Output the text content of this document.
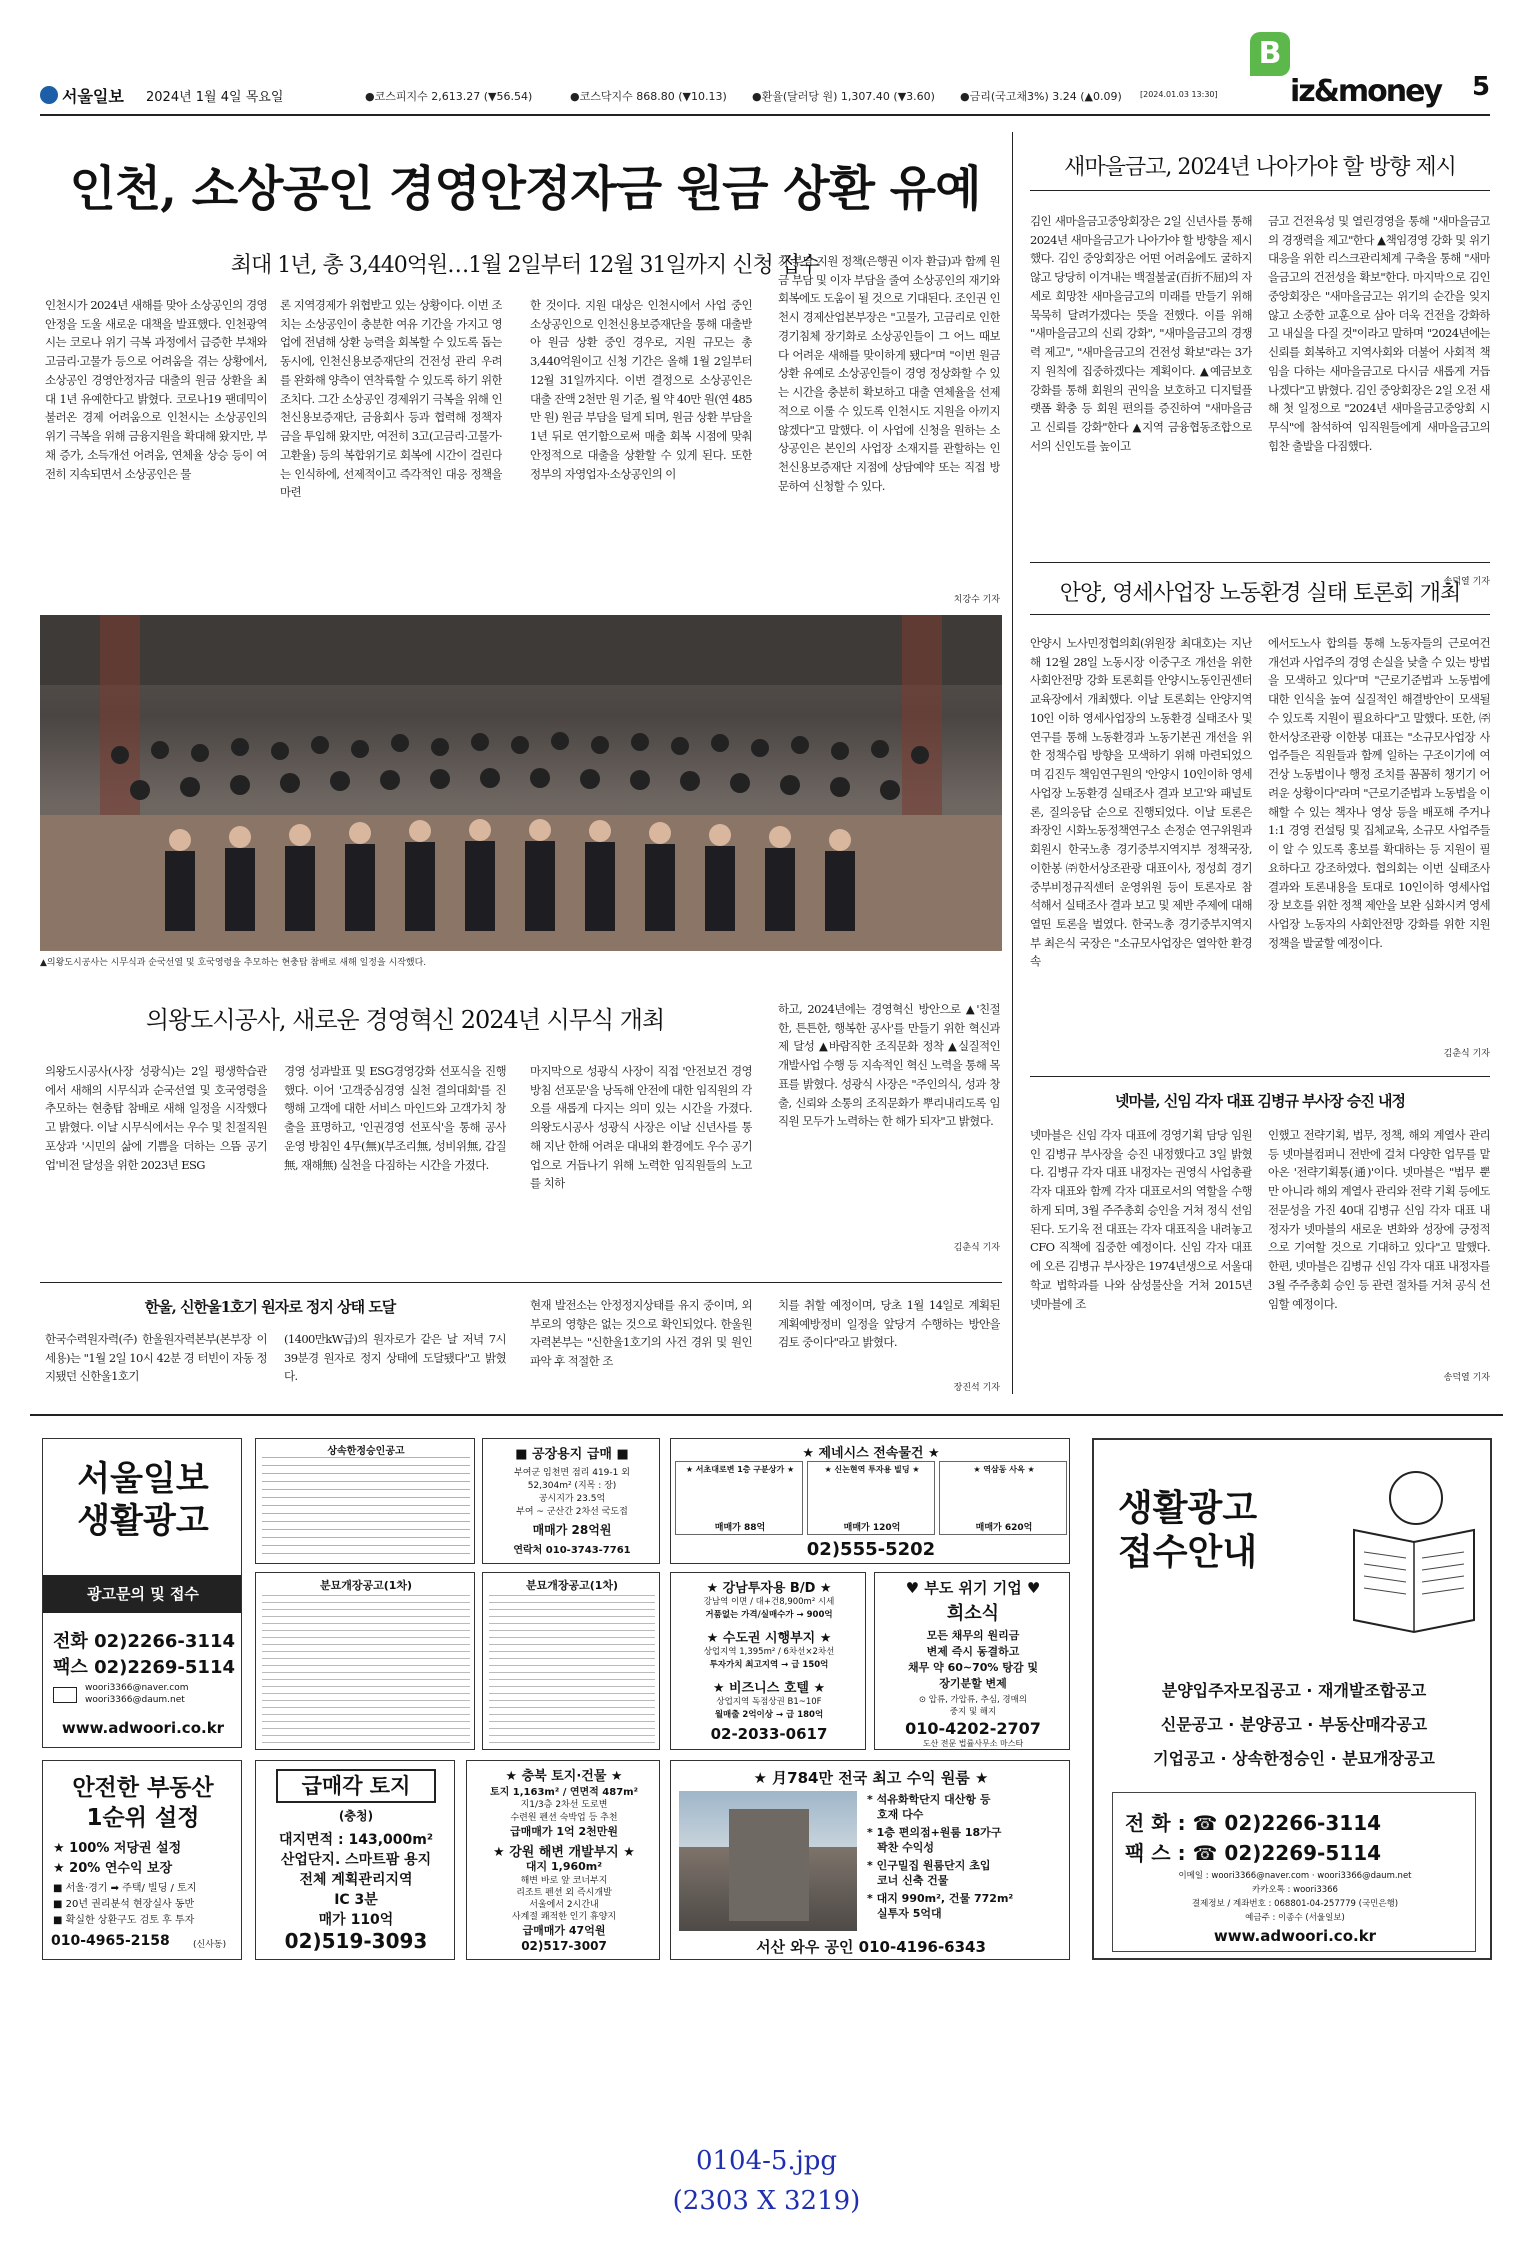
서울일보 2024년 1월 4일 목요일	●코스피지수 2,613.27 (▼56.54)	●코스닥지수 868.80 (▼10.13) ●환율(달러당 원) 1,307.40 (▼3.60) ●금리(국고채3%) 3.24 (▲0.09) [2024.01.03 13:30]
B
iz&money 5
인천, 소상공인 경영안정자금 원금 상환 유예
최대 1년, 총 3,440억원…1월 2일부터 12월 31일까지 신청 접수
인천시가 2024년 새해를 맞아 소상공인의 경영안정을 도울 새로운 대책을 발표했다. 인천광역시는 코로나 위기 극복 과정에서 급증한 부채와 고금리·고물가 등으로 어려움을 겪는 상황에서, 소상공인 경영안정자금 대출의 원금 상환을 최대 1년 유예한다고 밝혔다. 코로나19 팬데믹이 불러온 경제 어려움으로 인천시는 소상공인의 위기 극복을 위해 금융지원을 확대해 왔지만, 부채 증가, 소득개선 어려움, 연체율 상승 등이 여전히 지속되면서 소상공인은 물
론 지역경제가 위협받고 있는 상황이다. 이번 조치는 소상공인이 충분한 여유 기간을 가지고 영업에 전념해 상환 능력을 회복할 수 있도록 돕는 동시에, 인천신용보증재단의 건전성 관리 우려를 완화해 양측이 연착륙할 수 있도록 하기 위한 조치다. 그간 소상공인 경제위기 극복을 위해 인천신용보증재단, 금융회사 등과 협력해 정책자금을 투입해 왔지만, 여전히 3고(고금리·고물가·고환율) 등의 복합위기로 회복에 시간이 걸린다는 인식하에, 선제적이고 즉각적인 대응 정책을 마련
한 것이다. 지원 대상은 인천시에서 사업 중인 소상공인으로 인천신용보증재단을 통해 대출받아 원금 상환 중인 경우로, 지원 규모는 총 3,440억원이고 신청 기간은 올해 1월 2일부터 12월 31일까지다. 이번 결정으로 소상공인은 대출 잔액 2천만 원 기준, 월 약 40만 원(연 485만 원) 원금 부담을 덜게 되며, 원금 상환 부담을 1년 뒤로 연기함으로써 매출 회복 시점에 맞춰 안정적으로 대출을 상환할 수 있게 된다. 또한 정부의 자영업자·소상공인의 이
자 부담 지원 정책(은행권 이자 환급)과 함께 원금 부담 및 이자 부담을 줄여 소상공인의 재기와 회복에도 도움이 될 것으로 기대된다. 조인권 인천시 경제산업본부장은 "고물가, 고금리로 인한 경기침체 장기화로 소상공인들이 그 어느 때보다 어려운 새해를 맞이하게 됐다"며 "이번 원금 상환 유예로 소상공인들이 경영 정상화할 수 있는 시간을 충분히 확보하고 대출 연체율을 선제적으로 이룰 수 있도록 인천시도 지원을 아끼지 않겠다"고 말했다. 이 사업에 신청을 원하는 소상공인은 본인의 사업장 소재지를 관할하는 인천신용보증재단 지점에 상담예약 또는 직접 방문하여 신청할 수 있다.
치강수 기자
새마을금고, 2024년 나아가야 할 방향 제시
김인 새마을금고중앙회장은 2일 신년사를 통해 2024년 새마을금고가 나아가야 할 방향을 제시했다. 김인 중앙회장은 어떤 어려움에도 굴하지 않고 당당히 이겨내는 백절불굴(百折不屈)의 자세로 희망찬 새마을금고의 미래를 만들기 위해 묵묵히 달려가겠다는 뜻을 전했다. 이를 위해 "새마을금고의 신뢰 강화", "새마을금고의 경쟁력 제고", "새마을금고의 건전성 확보"라는 3가지 원칙에 집중하겠다는 계획이다. ▲예금보호 강화를 통해 회원의 권익을 보호하고 디지털플랫폼 확충 등 회원 편의를 증진하여 "새마을금고 신뢰를 강화"한다 ▲지역 금융협동조합으로서의 신인도를 높이고
금고 건전육성 및 열린경영을 통해 "새마을금고의 경쟁력을 제고"한다 ▲책임경영 강화 및 위기 대응을 위한 리스크관리체계 구축을 통해 "새마을금고의 건전성을 확보"한다. 마지막으로 김인 중앙회장은 "새마을금고는 위기의 순간을 잊지 않고 소중한 교훈으로 삼아 더욱 건전을 강화하고 내실을 다질 것"이라고 말하며 "2024년에는 신뢰를 회복하고 지역사회와 더불어 사회적 책임을 다하는 새마을금고로 다시금 새롭게 거듭나겠다"고 밝혔다. 김인 중앙회장은 2일 오전 새해 첫 일정으로 "2024년 새마을금고중앙회 시무식"에 참석하여 임직원들에게 새마을금고의 힘찬 출발을 다짐했다.
송덕열 기자
▲의왕도시공사는 시무식과 순국선열 및 호국영령을 추모하는 현충탑 참배로 새해 일정을 시작했다.
안양, 영세사업장 노동환경 실태 토론회 개최
안양시 노사민정협의회(위원장 최대호)는 지난해 12월 28일 노동시장 이중구조 개선을 위한 사회안전망 강화 토론회를 안양시노동인권센터 교육장에서 개최했다. 이날 토론회는 안양지역 10인 이하 영세사업장의 노동환경 실태조사 및 연구를 통해 노동환경과 노동기본권 개선을 위한 정책수립 방향을 모색하기 위해 마련되었으며 김진두 책임연구원의 '안양시 10인이하 영세사업장 노동환경 실태조사 결과 보고'와 패널토론, 질의응답 순으로 진행되었다. 이날 토론은 좌장인 시화노동정책연구소 손정순 연구위원과 회원시 한국노총 경기중부지역지부 정책국장, 이한봉 ㈜한서상조관광 대표이사, 정성희 경기중부비정규직센터 운영위원 등이 토론자로 참석해서 실태조사 결과 보고 및 제반 주제에 대해 열띤 토론을 벌였다. 한국노총 경기중부지역지부 최은식 국장은 "소규모사업장은 열악한 환경 속
에서도노사 합의를 통해 노동자들의 근로여건 개선과 사업주의 경영 손실을 낮출 수 있는 방법을 모색하고 있다"며 "근로기준법과 노동법에 대한 인식을 높여 실질적인 해결방안이 모색될 수 있도록 지원이 필요하다"고 말했다. 또한, ㈜한서상조관광 이한봉 대표는 "소규모사업장 사업주들은 직원들과 함께 일하는 구조이기에 여건상 노동법이나 행정 조치를 꼼꼼히 챙기기 어려운 상황이다"라며 "근로기준법과 노동법을 이해할 수 있는 책자나 영상 등을 배포해 주거나 1:1 경영 컨설팅 및 집체교육, 소규모 사업주들이 알 수 있도록 홍보를 확대하는 등 지원이 필요하다고 강조하였다. 협의회는 이번 실태조사 결과와 토론내용을 토대로 10인이하 영세사업장 보호를 위한 정책 제안을 보완 심화시켜 영세사업장 노동자의 사회안전망 강화를 위한 지원 정책을 발굴할 예정이다.
김춘식 기자
의왕도시공사, 새로운 경영혁신 2024년 시무식 개최
의왕도시공사(사장 성광식)는 2일 평생학습관에서 새해의 시무식과 순국선열 및 호국영령을 추모하는 현충탑 참배로 새해 일정을 시작했다고 밝혔다. 이날 시무식에서는 우수 및 친절직원 포상과 '시민의 삶에 기쁨을 더하는 으뜸 공기업'비전 달성을 위한 2023년 ESG
경영 성과발표 및 ESG경영강화 선포식을 진행했다. 이어 '고객중심경영 실천 결의대회'를 진행해 고객에 대한 서비스 마인드와 고객가치 창출을 표명하고, '인권경영 선포식'을 통해 공사 운영 방침인 4무(無)(부조리無, 성비위無, 갑질無, 재해無) 실천을 다짐하는 시간을 가졌다.
마지막으로 성광식 사장이 직접 '안전보건 경영방침 선포문'을 낭독해 안전에 대한 임직원의 각오를 새롭게 다지는 의미 있는 시간을 가졌다. 의왕도시공사 성광식 사장은 이날 신년사를 통해 지난 한해 어려운 대내외 환경에도 우수 공기업으로 거듭나기 위해 노력한 임직원들의 노고를 치하
하고, 2024년에는 경영혁신 방안으로 ▲'친절한, 튼튼한, 행복한 공사'를 만들기 위한 혁신과제 달성 ▲바람직한 조직문화 정착 ▲실질적인 개발사업 수행 등 지속적인 혁신 노력을 통해 목표를 밝혔다. 성광식 사장은 "주인의식, 성과 창출, 신뢰와 소통의 조직문화가 뿌리내리도록 임직원 모두가 노력하는 한 해가 되자"고 밝혔다.
김춘식 기자
넷마블, 신임 각자 대표 김병규 부사장 승진 내정
넷마블은 신임 각자 대표에 경영기획 담당 임원인 김병규 부사장을 승진 내정했다고 3일 밝혔다. 김병규 각자 대표 내정자는 권영식 사업총괄 각자 대표와 함께 각자 대표로서의 역할을 수행하게 되며, 3월 주주총회 승인을 거쳐 정식 선임된다. 도기욱 전 대표는 각자 대표직을 내려놓고 CFO 직책에 집중한 예정이다. 신임 각자 대표에 오른 김병규 부사장은 1974년생으로 서울대학교 법학과를 나와 삼성물산을 거쳐 2015년 넷마블에 조
인했고 전략기획, 법무, 정책, 해외 계열사 관리 등 넷마블컴퍼니 전반에 걸쳐 다양한 업무를 맡아온 '전략기획통(通)'이다. 넷마블은 "법무 뿐만 아니라 해외 계열사 관리와 전략 기획 등에도 전문성을 가진 40대 김병규 신임 각자 대표 내정자가 넷마블의 새로운 변화와 성장에 긍정적으로 기여할 것으로 기대하고 있다"고 말했다. 한편, 넷마블은 김병규 신임 각자 대표 내정자를 3월 주주총회 승인 등 관련 절차를 거쳐 공식 선임할 예정이다.
송덕열 기자
한울, 신한울1호기 원자로 정지 상태 도달
한국수력원자력(주) 한울원자력본부(본부장 이세용)는 "1월 2일 10시 42분 경 터빈이 자동 정지됐던 신한울1호기
(1400만kW급)의 원자로가 같은 날 저녁 7시 39분경 원자로 정지 상태에 도달됐다"고 밝혔다.
현재 발전소는 안정정지상태를 유지 중이며, 외부로의 영향은 없는 것으로 확인되었다. 한울원자력본부는 "신한울1호기의 사건 경위 및 원인 파악 후 적절한 조
치를 취할 예정이며, 당초 1월 14일로 계획된 계획예방정비 일정을 앞당겨 수행하는 방안을 검토 중이다"라고 밝혔다.
장진석 기자
서울일보
생활광고
광고문의 및 접수
전화 02)2266-3114
팩스 02)2269-5114
woori3366@naver.com
woori3366@daum.net
www.adwoori.co.kr
안전한 부동산
1순위 설정
★ 100% 저당권 설정
★ 20% 연수익 보장
■ 서울·경기 ➡ 주택/ 빌딩 / 토지
■ 20년 권리분석 현장실사 동반
■ 확실한 상환구도 검토 후 투자
010-4965-2158	(신사동)
상속한정승인공고
분묘개장공고(1차)	분묘개장공고(1차)
■ 공장용지 급매 ■
부여군 임천면 점리 419-1 외
52,304m² (지목 : 장)
공시지가 23.5억
부여 ~ 군산간 2차선 국도접
매매가 28억원
연락처 010-3743-7761
급매각 토지
(충청)
대지면적 : 143,000m²
산업단지. 스마트팜 용지
전체 계획관리지역
IC 3분
매가 110억
02)519-3093
★ 충북 토지·건물 ★
토지 1,163m² / 연면적 487m²
지1/3층 2차선 도로변
수련원 펜션 숙박업 등 추천
급매매가 1억 2천만원
★ 강원 해변 개발부지 ★
대지 1,960m²
해변 바로 앞 코너부지
리조트 펜션 외 즉시개발
서울에서 2시간내
사계절 쾌적한 인기 휴양지
급매매가 47억원
02)517-3007
★ 제네시스 전속물건 ★
★ 서초대로변 1층 구분상가 ★
매매가 88억
★ 신논현역 투자용 빌딩 ★
매매가 120억
★ 역삼동 사옥 ★
매매가 620억
02)555-5202
★ 강남투자용 B/D ★
강남역 이면 / 대+건8,900m² 시세
거품없는 가격/실매수가 → 900억
★ 수도권 시행부지 ★
상업지역 1,395m² / 6차선×2차선
투자가치 최고지역 → 급 150억
★ 비즈니스 호텔 ★
상업지역 독점상권 B1~10F
월매출 2억이상 → 급 180억
02-2033-0617
♥ 부도 위기 기업 ♥
희소식
모든 채무의 원리금
변제 즉시 동결하고
채무 약 60~70% 탕감 및
장기분할 변제
⊙ 압류, 가압류, 추심, 경매의
중지 및 해지
010-4202-2707
도산 전문 법률사무소 마스타
★ 月784만 전국 최고 수익 원룸 ★
* 석유화학단지 대산항 등
호재 다수
* 1층 편의점+원룸 18가구
꽉찬 수익성
* 인구밀집 원룸단지 초입
코너 신축 건물
* 대지 990m², 건물 772m²
실투자 5억대
서산 와우 공인 010-4196-6343
생활광고
접수안내
분양입주자모집공고 · 재개발조합공고
신문공고 · 분양공고 · 부동산매각공고
기업공고 · 상속한정승인 · 분묘개장공고
전 화 : ☎ 02)2266-3114
팩 스 : ☎ 02)2269-5114
이메일 : woori3366@naver.com · woori3366@daum.net
카카오톡 : woori3366
결제정보 / 계좌번호 : 068801-04-257779 (국민은행)
예금주 : 이종수 (서울일보)
www.adwoori.co.kr
0104-5.jpg
(2303 X 3219)
